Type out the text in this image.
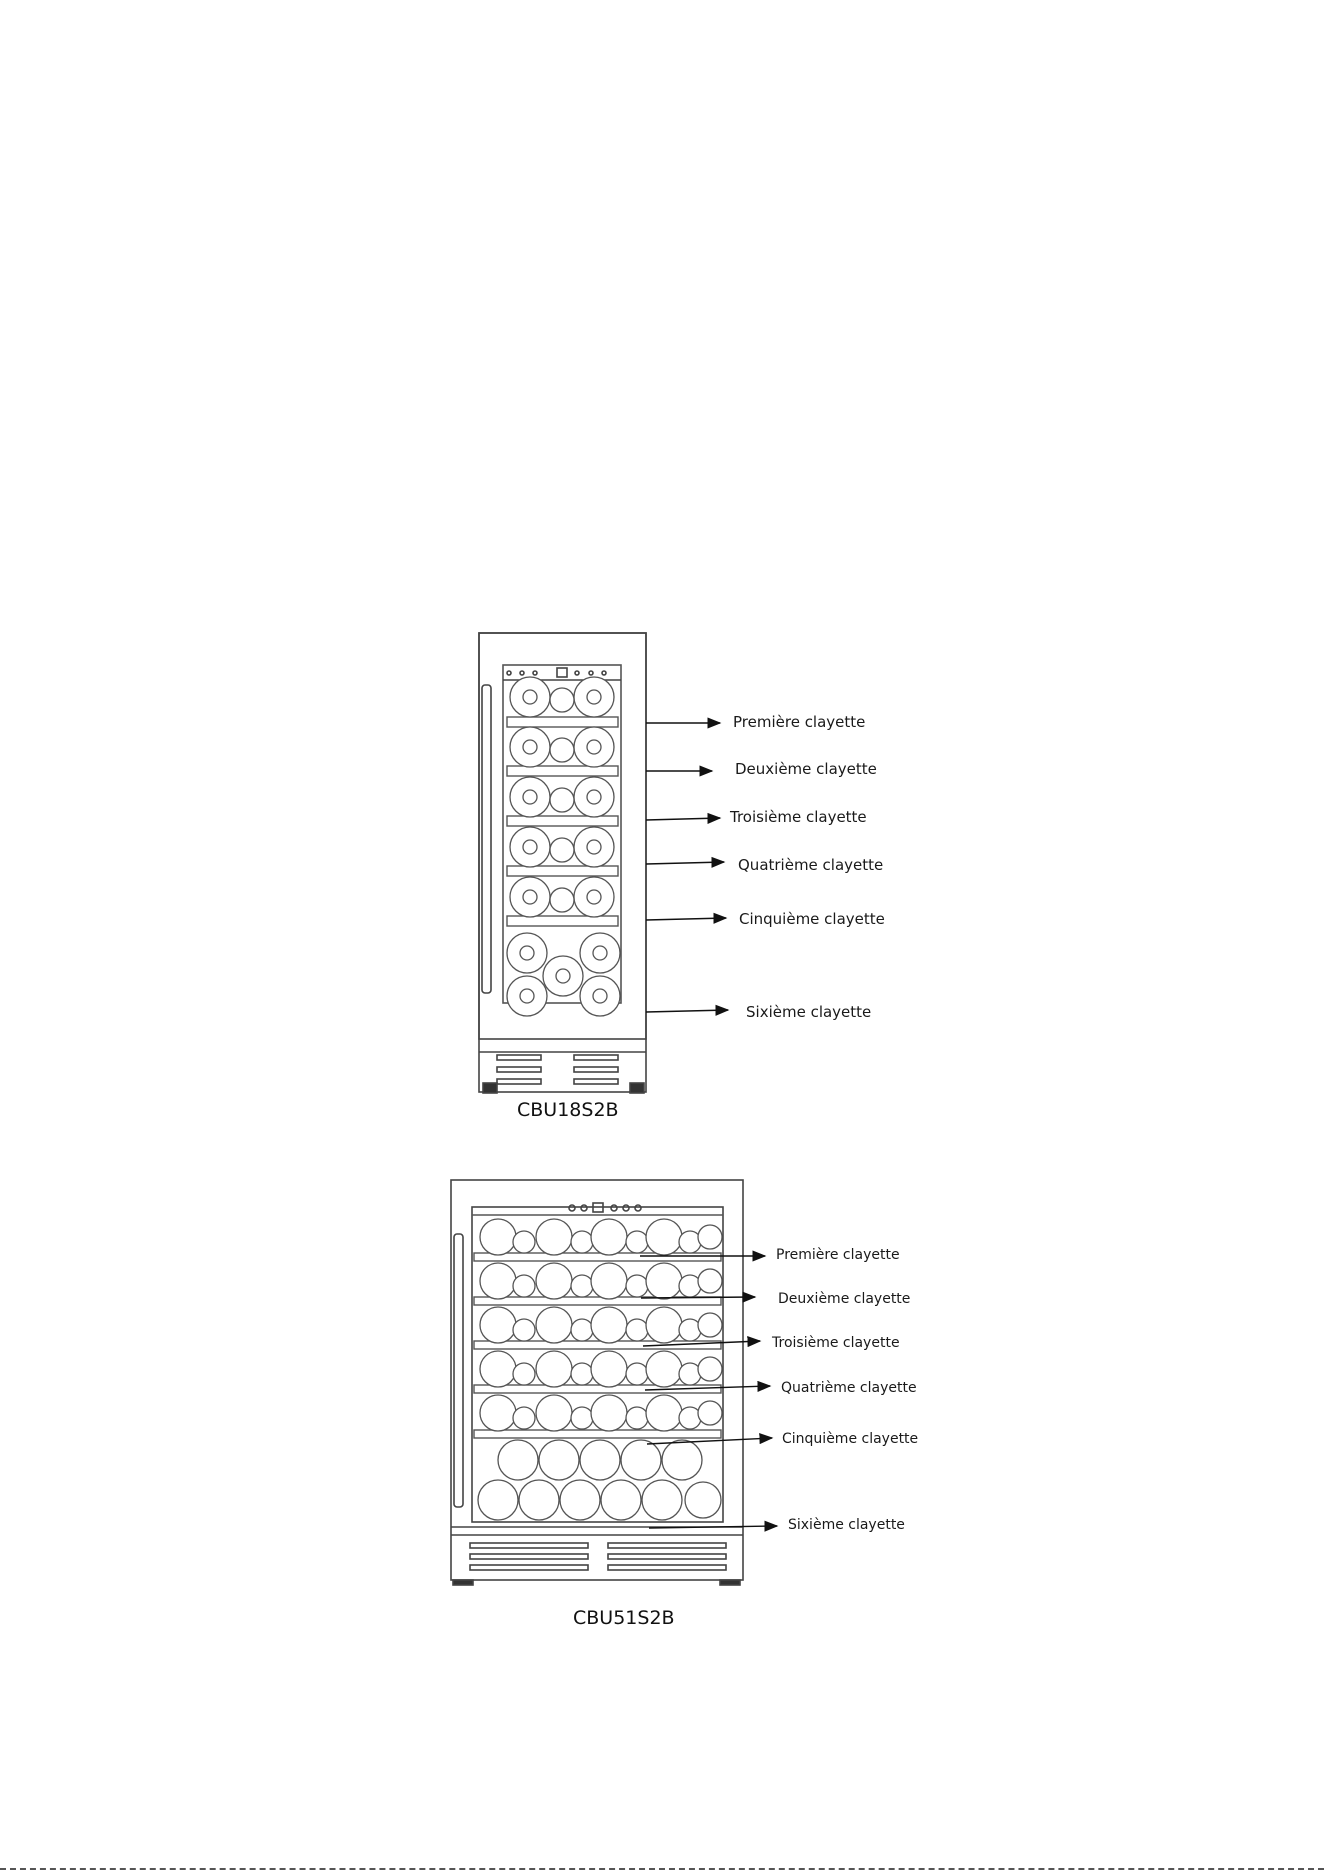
Première clayette
Deuxième clayette
Troisième clayette
Quatrième clayette
Cinquième clayette
Sixième clayette
CBU18S2B
Première clayette
Deuxième clayette
Troisième clayette
Quatrième clayette
Cinquième clayette
Sixième clayette
CBU51S2B
